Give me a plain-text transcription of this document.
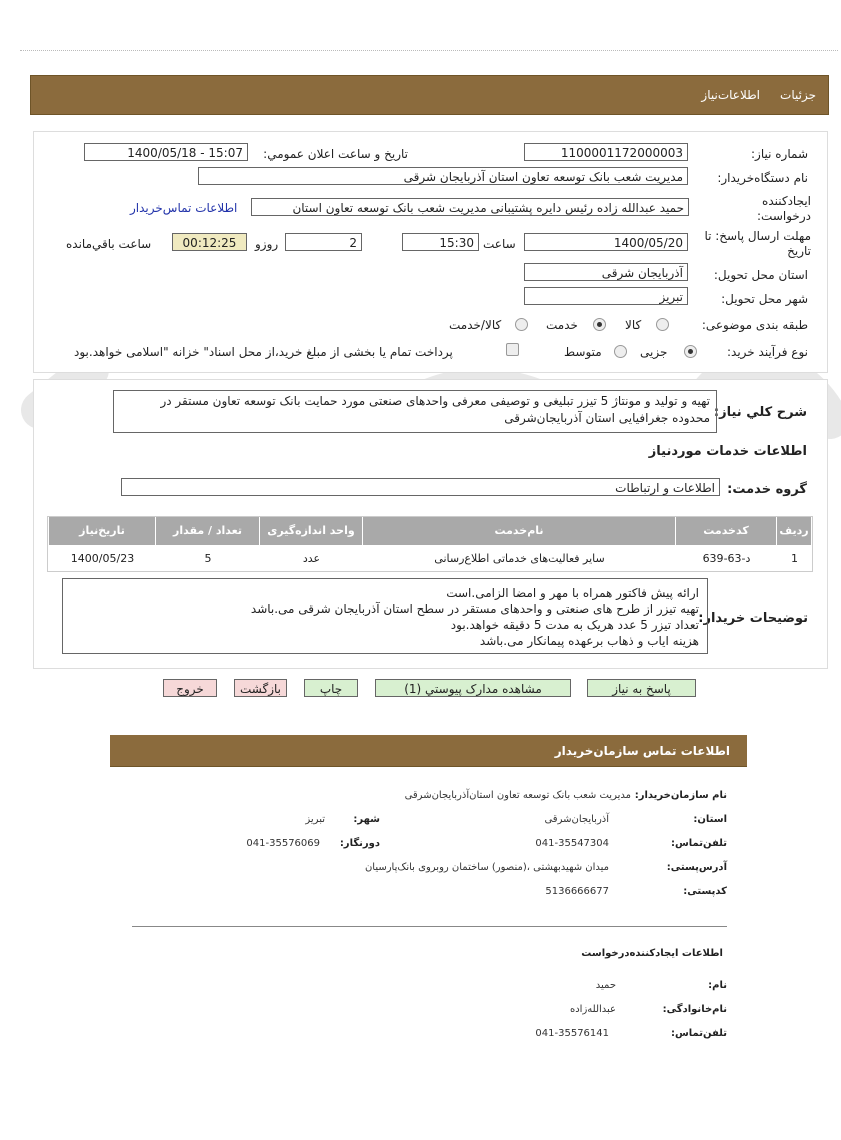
جزئیات
اطلاعات‌نیاز
شماره نیاز:
1100001172000003
تاریخ و ساعت اعلان عمومي:
1400/05/18 - 15:07
نام دستگاه‌خریدار:
مدیریت شعب بانک توسعه تعاون استان آذربایجان شرقی
ایجادکننده درخواست:
حمید عبدالله زاده رئیس دایره پشتیبانی مدیریت شعب بانک توسعه تعاون استان
اطلاعات تماس‌خریدار
مهلت ارسال پاسخ: تا تاریخ
1400/05/20
ساعت
15:30
2
روزو
00:12:25
ساعت باقي‌مانده
استان محل تحویل:
آذربایجان شرقی
شهر محل تحویل:
تبریز
طبقه بندی موضوعی:
کالا
خدمت
کالا/خدمت
نوع فرآیند خرید:
جزیی
متوسط
پرداخت تمام یا بخشی از مبلغ خرید،از محل اسناد" خزانه "اسلامی خواهد.بود
شرح کلي نیاز:
تهیه و تولید و مونتاژ 5 تیزر تبلیغی و توصیفی معرفی واحدهای صنعتی مورد حمایت بانک توسعه تعاون مستقر در محدوده جغرافیایی استان آذربایجان‌شرقی
اطلاعات خدمات موردنیاز
گروه خدمت:
اطلاعات و ارتباطات
تاریخ‌نیاز	تعداد / مقدار	واحد اندازه‌گیری	نام‌خدمت	کدخدمت	ردیف
1400/05/23	5	عدد	سایر فعالیت‌های خدماتی اطلاع‌رسانی	د-63-639	1
توضیحات خریدار:
ارائه پیش فاکتور همراه با مهر و امضا الزامی.است
تهیه تیزر از طرح های صنعتی و واحدهای مستقر در سطح استان آذربایجان شرقی می.باشد
تعداد تیزر 5 عدد هریک به مدت 5 دقیقه خواهد.بود
هزینه ایاب و ذهاب برعهده پیمانکار می.باشد
پاسخ به نیاز
مشاهده مدارک پیوستي (1)
چاپ
بازگشت
خروج
اطلاعات تماس سازمان‌خریدار
نام سازمان‌خریدار:
مدیریت شعب بانک توسعه تعاون استان‌آذربایجان‌شرقی
استان:
آذربایجان‌شرقی
شهر:
تبریز
تلفن‌تماس:
041-35547304
دورنگار:
041-35576069
آدرس‌پستی:
میدان شهید‌بهشتی ،(منصور) ساختمان روبروی بانک‌پارسیان
کدپستی:
5136666677
اطلاعات ایجادکننده‌درخواست
نام:
حمید
نام‌خانوادگی:
عبدالله‌زاده
تلفن‌تماس:
041-35576141
